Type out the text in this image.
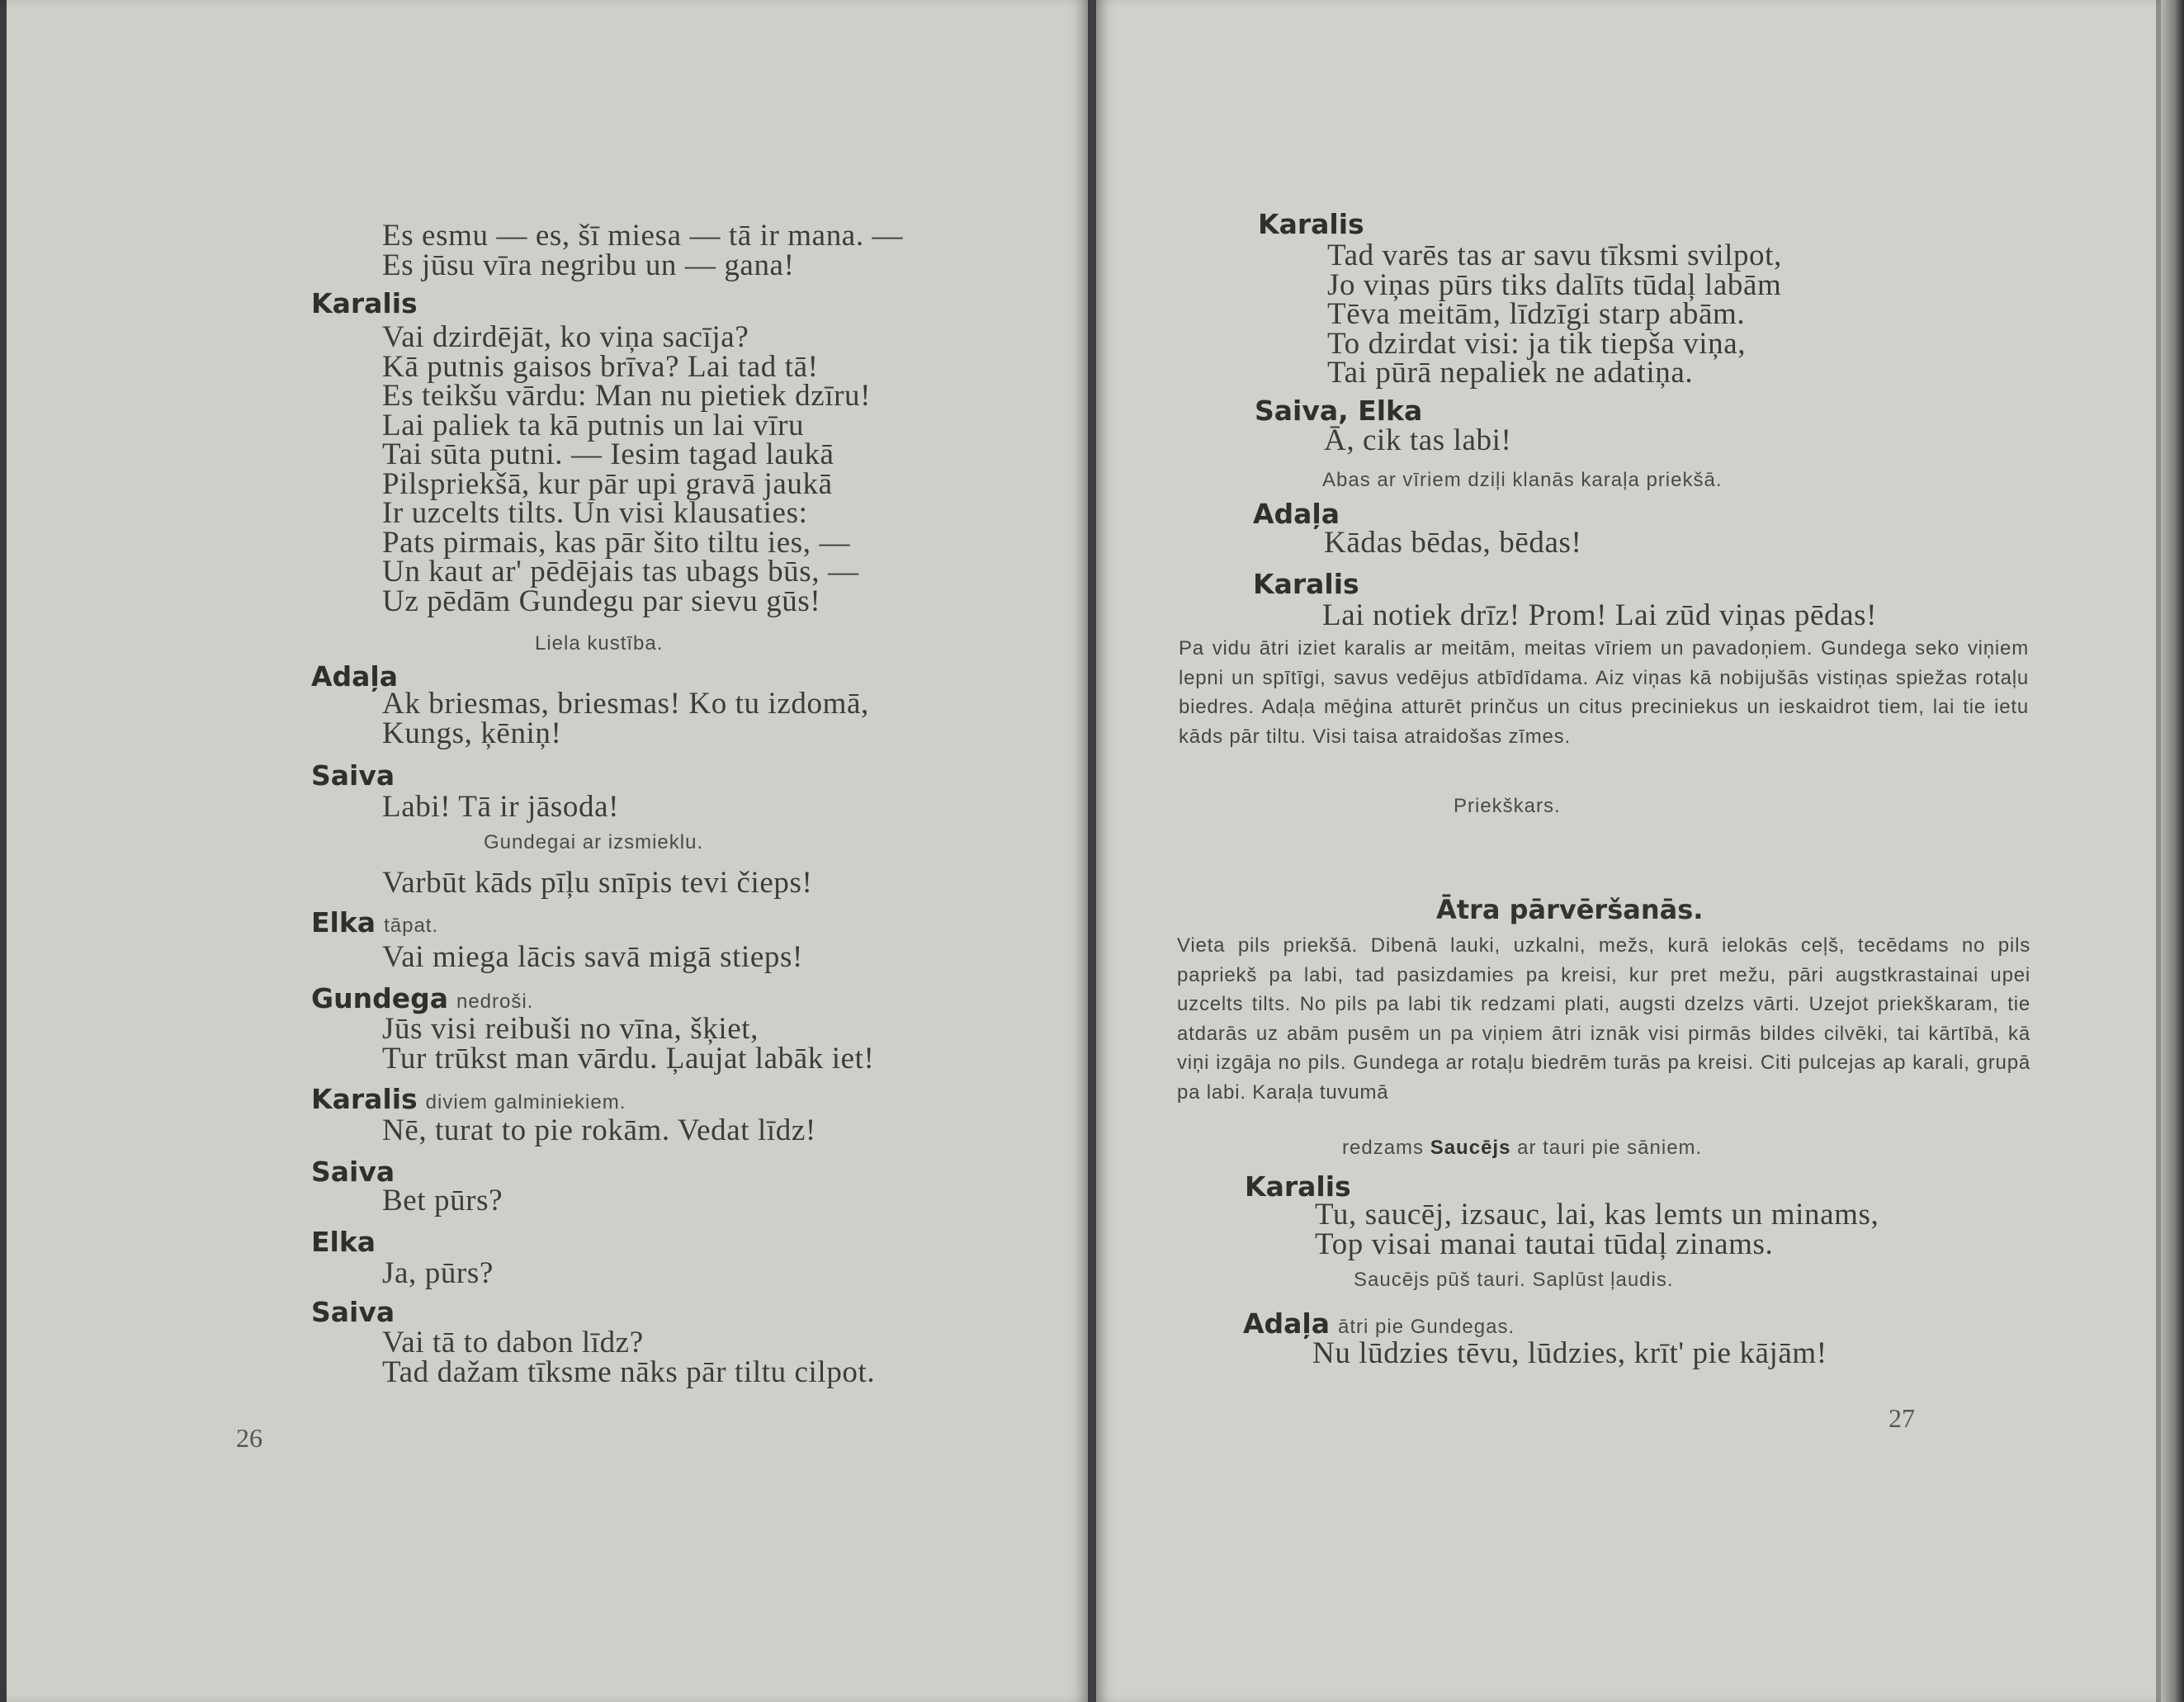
Es esmu — es, šī miesa — tā ir mana. —
Es jūsu vīra negribu un — gana!
Karalis
Vai dzirdējāt, ko viņa sacīja?
Kā putnis gaisos brīva? Lai tad tā!
Es teikšu vārdu: Man nu pietiek dzīru!
Lai paliek ta kā putnis un lai vīru
Tai sūta putni. — Iesim tagad laukā
Pilspriekšā, kur pār upi gravā jaukā
Ir uzcelts tilts. Un visi klausaties:
Pats pirmais, kas pār šito tiltu ies, —
Un kaut ar' pēdējais tas ubags būs, —
Uz pēdām Gundegu par sievu gūs!
Liela kustība.
Adaļa
Ak briesmas, briesmas! Ko tu izdomā,
Kungs, ķēniņ!
Saiva
Labi! Tā ir jāsoda!
Gundegai ar izsmieklu.
Varbūt kāds pīļu snīpis tevi čieps!
Elka tāpat.
Vai miega lācis savā migā stieps!
Gundega nedroši.
Jūs visi reibuši no vīna, šķiet,
Tur trūkst man vārdu. Ļaujat labāk iet!
Karalis diviem galminiekiem.
Nē, turat to pie rokām. Vedat līdz!
Saiva
Bet pūrs?
Elka
Ja, pūrs?
Saiva
Vai tā to dabon līdz?
Tad dažam tīksme nāks pār tiltu cilpot.
26
Karalis
Tad varēs tas ar savu tīksmi svilpot,
Jo viņas pūrs tiks dalīts tūdaļ labām
Tēva meitām, līdzīgi starp abām.
To dzirdat visi: ja tik tiepša viņa,
Tai pūrā nepaliek ne adatiņa.
Saiva, Elka
Ā, cik tas labi!
Abas ar vīriem dziļi klanās karaļa priekšā.
Adaļa
Kādas bēdas, bēdas!
Karalis
Lai notiek drīz! Prom! Lai zūd viņas pēdas!
Pa vidu ātri iziet karalis ar meitām, meitas vīriem un pavadoņiem. Gundega seko viņiem lepni un spītīgi, savus vedējus atbīdīdama. Aiz viņas kā nobijušās vistiņas spiežas rotaļu biedres. Adaļa mēģina atturēt prinčus un citus preciniekus un ieskaidrot tiem, lai tie ietu kāds pār tiltu. Visi taisa atraidošas zīmes.
Priekškars.
Ātra pārvēršanās.
Vieta pils priekšā. Dibenā lauki, uzkalni, mežs, kurā ielokās ceļš, tecēdams no pils papriekš pa labi, tad pasizdamies pa kreisi, kur pret mežu, pāri augstkrastainai upei uzcelts tilts. No pils pa labi tik redzami plati, augsti dzelzs vārti. Uzejot priekškaram, tie atdarās uz abām pusēm un pa viņiem ātri iznāk visi pirmās bildes cilvēki, tai kārtībā, kā viņi izgāja no pils. Gundega ar rotaļu biedrēm turās pa kreisi. Citi pulcejas ap karali, grupā pa labi. Karaļa tuvumā
redzams Saucējs ar tauri pie sāniem.
Karalis
Tu, saucēj, izsauc, lai, kas lemts un minams,
Top visai manai tautai tūdaļ zinams.
Saucējs pūš tauri. Saplūst ļaudis.
Adaļa ātri pie Gundegas.
Nu lūdzies tēvu, lūdzies, krīt' pie kājām!
27
